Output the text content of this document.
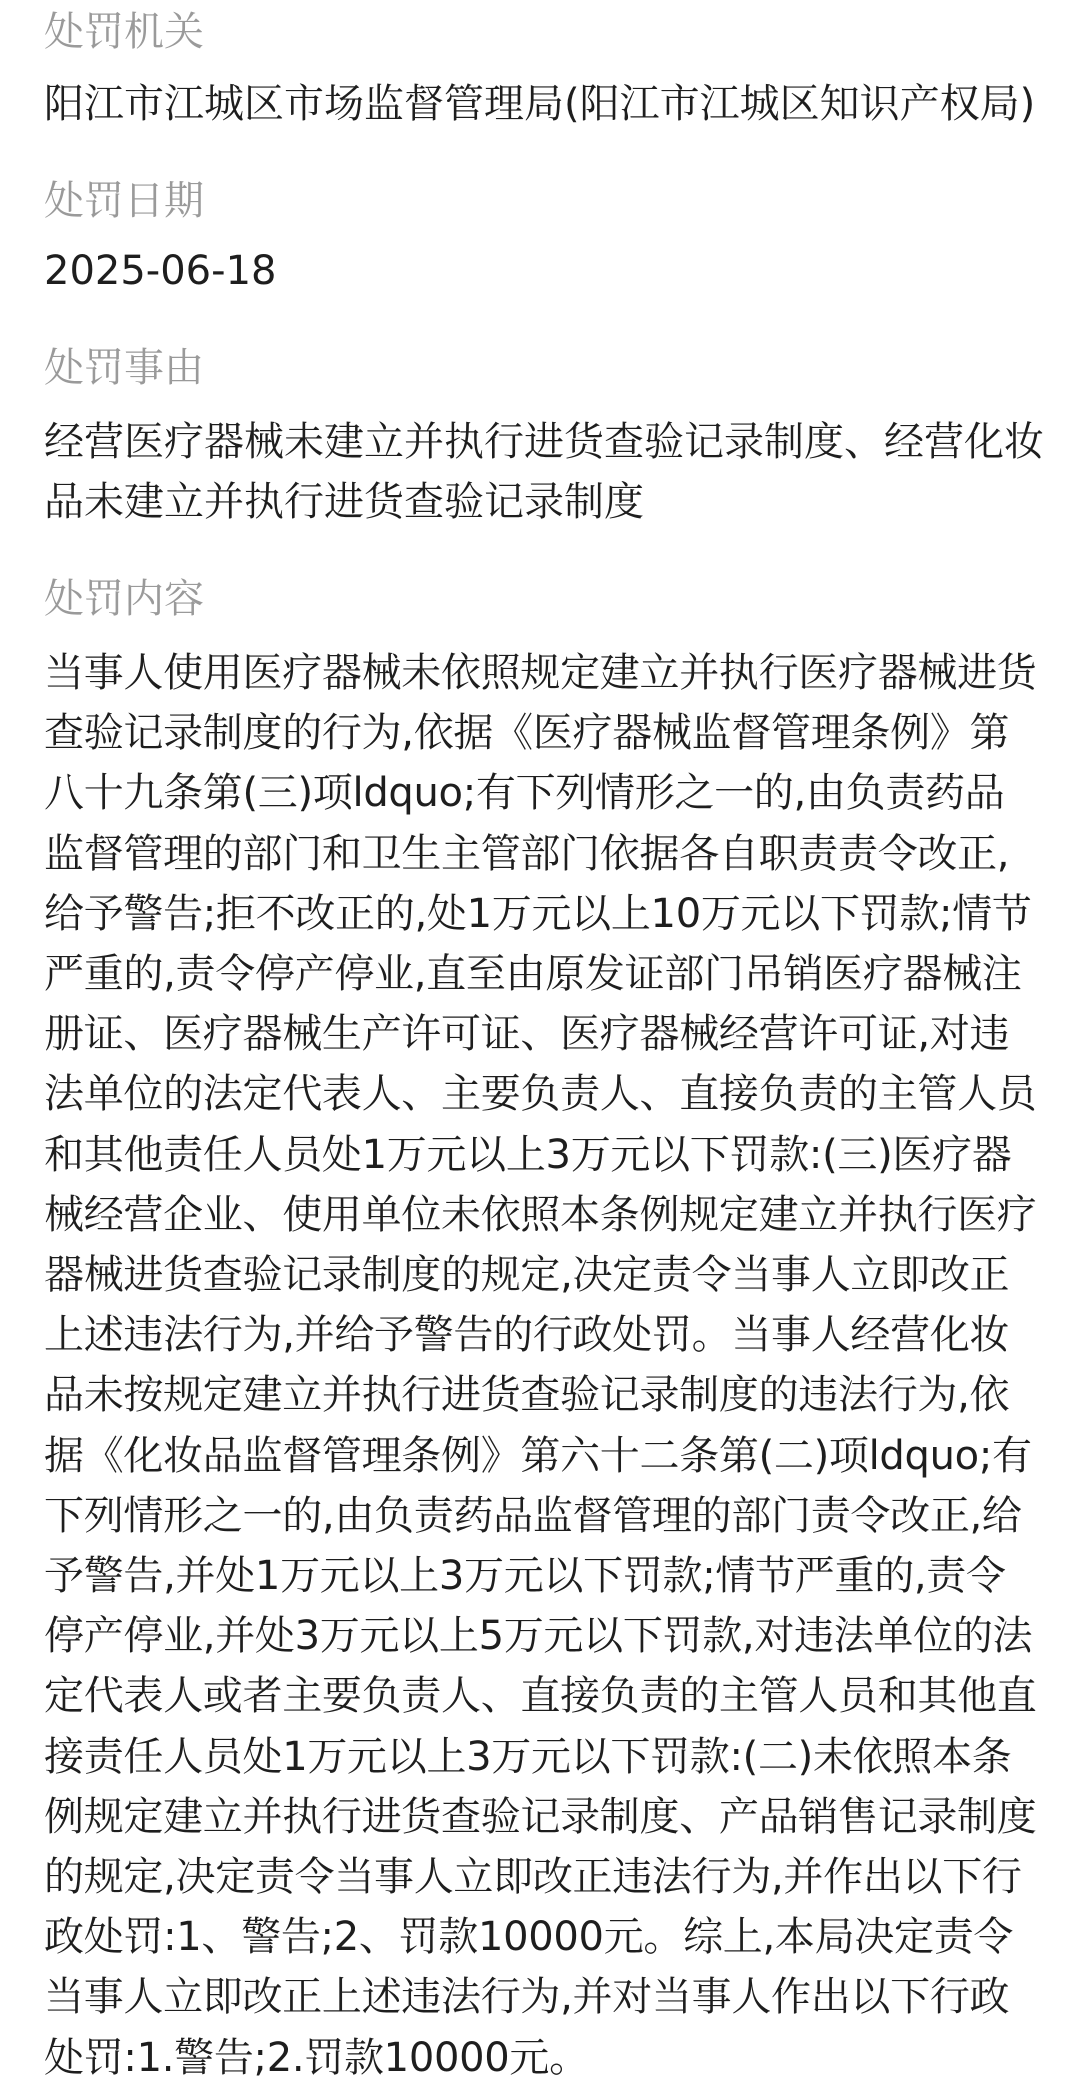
处罚机关
阳江市江城区市场监督管理局(阳江市江城区知识产权局)
处罚日期
2025-06-18
处罚事由
经营医疗器械未建立并执行进货查验记录制度、经营化妆品未建立并执行进货查验记录制度
处罚内容
当事人使用医疗器械未依照规定建立并执行医疗器械进货查验记录制度的行为,依据《医疗器械监督管理条例》第八十九条第(三)项ldquo;有下列情形之一的,由负责药品监督管理的部门和卫生主管部门依据各自职责责令改正,给予警告;拒不改正的,处1万元以上10万元以下罚款;情节严重的,责令停产停业,直至由原发证部门吊销医疗器械注册证、医疗器械生产许可证、医疗器械经营许可证,对违法单位的法定代表人、主要负责人、直接负责的主管人员和其他责任人员处1万元以上3万元以下罚款:(三)医疗器械经营企业、使用单位未依照本条例规定建立并执行医疗器械进货查验记录制度的规定,决定责令当事人立即改正上述违法行为,并给予警告的行政处罚。当事人经营化妆品未按规定建立并执行进货查验记录制度的违法行为,依据《化妆品监督管理条例》第六十二条第(二)项ldquo;有下列情形之一的,由负责药品监督管理的部门责令改正,给予警告,并处1万元以上3万元以下罚款;情节严重的,责令停产停业,并处3万元以上5万元以下罚款,对违法单位的法定代表人或者主要负责人、直接负责的主管人员和其他直接责任人员处1万元以上3万元以下罚款:(二)未依照本条例规定建立并执行进货查验记录制度、产品销售记录制度的规定,决定责令当事人立即改正违法行为,并作出以下行政处罚:1、警告;2、罚款10000元。综上,本局决定责令当事人立即改正上述违法行为,并对当事人作出以下行政处罚:1.警告;2.罚款10000元。
